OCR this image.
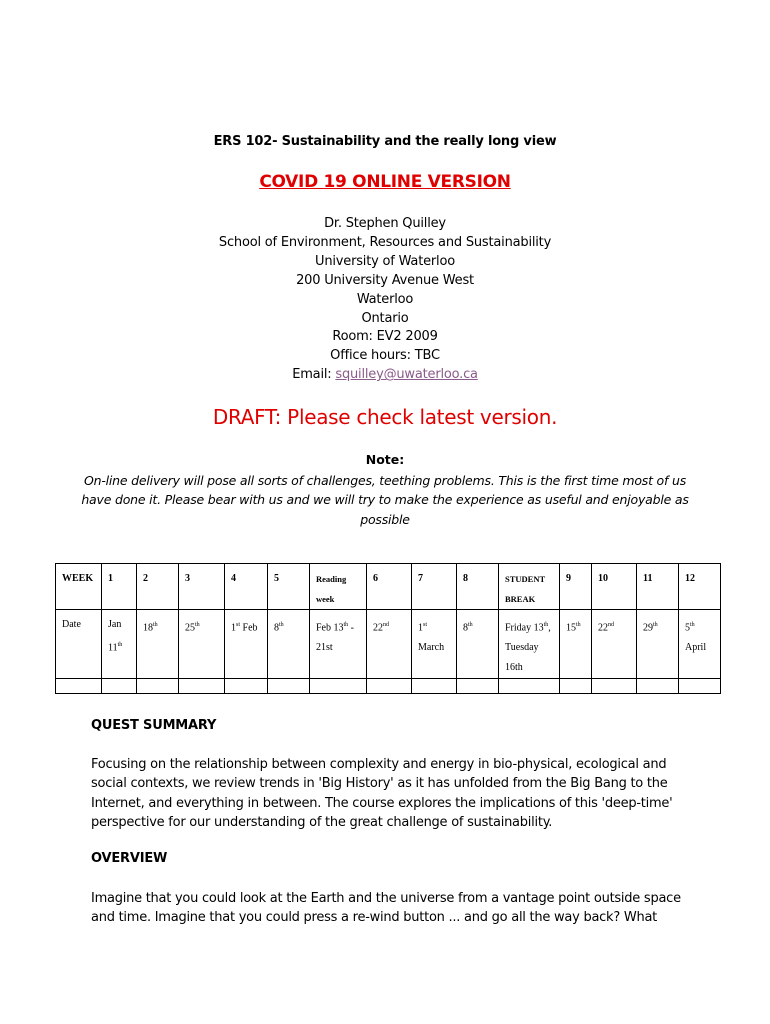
ERS 102- Sustainability and the really long view
COVID 19 ONLINE VERSION
Dr. Stephen Quilley
School of Environment, Resources and Sustainability
University of Waterloo
200 University Avenue West
Waterloo
Ontario
Room: EV2 2009
Office hours: TBC
Email: squilley@uwaterloo.ca
DRAFT: Please check latest version.
Note:
On-line delivery will pose all sorts of challenges, teething problems. This is the first time most of us have done it. Please bear with us and we will try to make the experience as useful and enjoyable as possible
WEEK	1	2	3	4	5	Reading week	6	7	8	STUDENT BREAK	9	10	11	12
Date	Jan 11th	18th	25th	1st Feb	8th	Feb 13th - 21st	22nd	1st March	8th	Friday 13th, Tuesday 16th	15th	22nd	29th	5th April

QUEST SUMMARY
Focusing on the relationship between complexity and energy in bio-physical, ecological and social contexts, we review trends in 'Big History' as it has unfolded from the Big Bang to the Internet, and everything in between. The course explores the implications of this 'deep-time' perspective for our understanding of the great challenge of sustainability.
OVERVIEW
Imagine that you could look at the Earth and the universe from a vantage point outside space and time. Imagine that you could press a re-wind button ... and go all the way back? What
